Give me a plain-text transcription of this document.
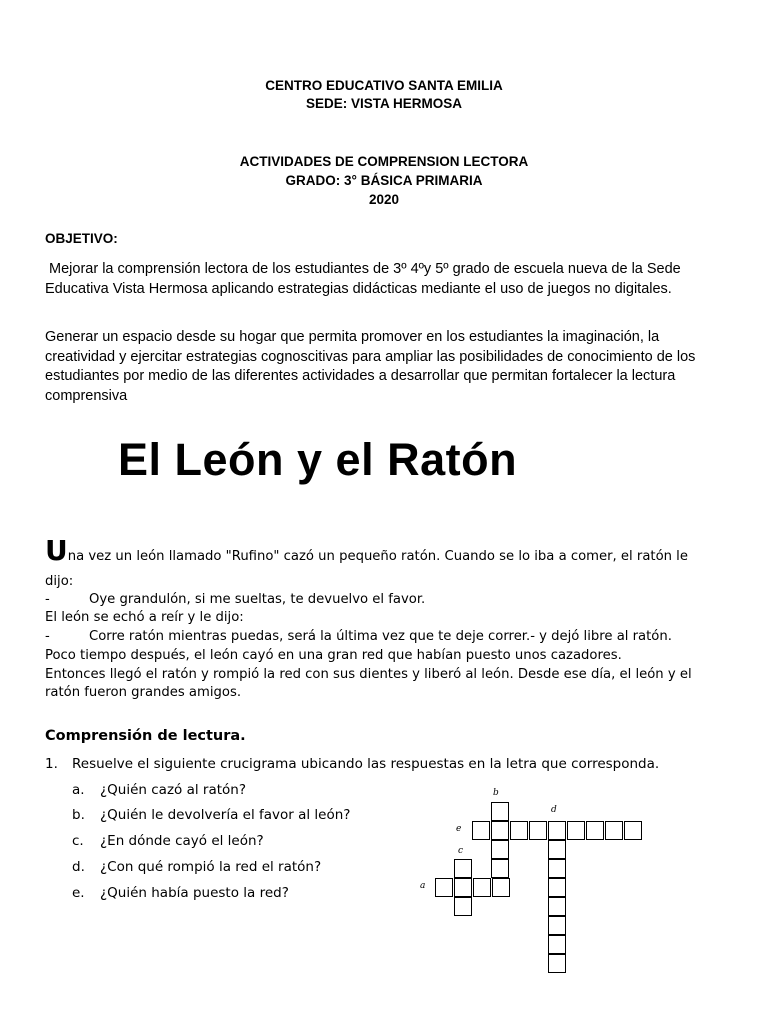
CENTRO EDUCATIVO SANTA EMILIA
SEDE: VISTA HERMOSA
ACTIVIDADES DE COMPRENSION LECTORA
GRADO: 3° BÁSICA PRIMARIA
2020
OBJETIVO:
Mejorar la comprensión lectora de los estudiantes de 3º 4ºy 5º grado de escuela nueva de la Sede Educativa Vista Hermosa aplicando estrategias didácticas mediante el uso de juegos no digitales.
Generar un espacio desde su hogar que permita promover en los estudiantes la imaginación, la creatividad y ejercitar estrategias cognoscitivas para ampliar las posibilidades de conocimiento de los estudiantes por medio de las diferentes actividades a desarrollar que permitan fortalecer la lectura comprensiva
El León y el Ratón
Una vez un león llamado "Rufino" cazó un pequeño ratón. Cuando se lo iba a comer, el ratón le
dijo:
-	Oye grandulón, si me sueltas, te devuelvo el favor.
El león se echó a reír y le dijo:
-	Corre ratón mientras puedas, será la última vez que te deje correr.- y dejó libre al ratón.
Poco tiempo después, el león cayó en una gran red que habían puesto unos cazadores.
Entonces llegó el ratón y rompió la red con sus dientes y liberó al león. Desde ese día, el león y el
ratón fueron grandes amigos.
Comprensión de lectura.
1. Resuelve el siguiente crucigrama ubicando las respuestas en la letra que corresponda.
a. ¿Quién cazó al ratón?
b. ¿Quién le devolvería el favor al león?
c. ¿En dónde cayó el león?
d. ¿Con qué rompió la red el ratón?
e. ¿Quién había puesto la red?
b
d
e
c
a
